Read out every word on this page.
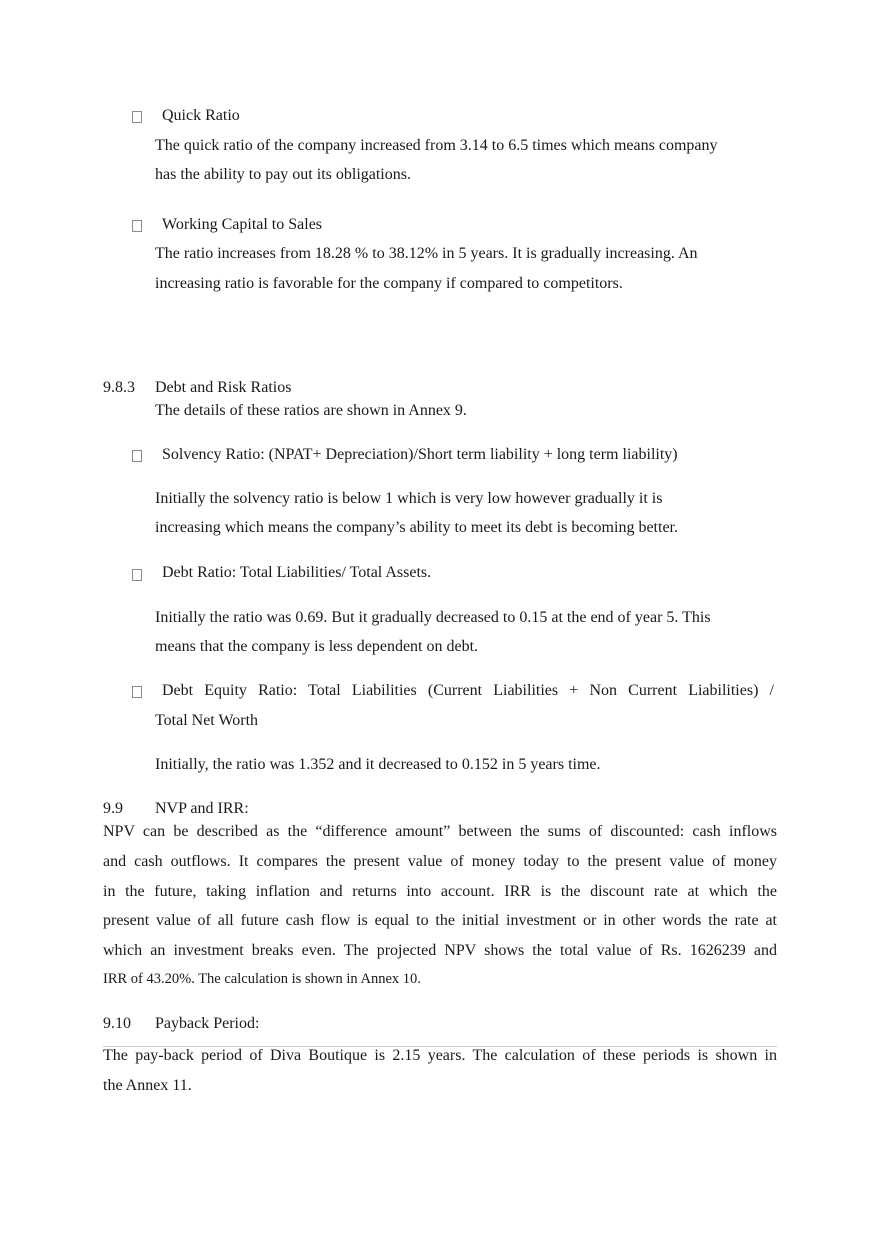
Quick Ratio
The quick ratio of the company increased from 3.14 to 6.5 times which means company
has the ability to pay out its obligations.
Working Capital to Sales
The ratio increases from 18.28 % to 38.12% in 5 years. It is gradually increasing. An
increasing ratio is favorable for the company if compared to competitors.
9.8.3 Debt and Risk Ratios
The details of these ratios are shown in Annex 9.
Solvency Ratio: (NPAT+ Depreciation)/Short term liability + long term liability)
Initially the solvency ratio is below 1 which is very low however gradually it is
increasing which means the company’s ability to meet its debt is becoming better.
Debt Ratio: Total Liabilities/ Total Assets.
Initially the ratio was 0.69. But it gradually decreased to 0.15 at the end of year 5. This
means that the company is less dependent on debt.
Debt Equity Ratio: Total Liabilities (Current Liabilities + Non Current Liabilities) /
Total Net Worth
Initially, the ratio was 1.352 and it decreased to 0.152 in 5 years time.
9.9 NVP and IRR:
NPV can be described as the “difference amount” between the sums of discounted: cash inflows
and cash outflows. It compares the present value of money today to the present value of money
in the future, taking inflation and returns into account. IRR is the discount rate at which the
present value of all future cash flow is equal to the initial investment or in other words the rate at
which an investment breaks even. The projected NPV shows the total value of Rs. 1626239 and
IRR of 43.20%. The calculation is shown in Annex 10.
9.10 Payback Period:
The pay-back period of Diva Boutique is 2.15 years. The calculation of these periods is shown in
the Annex 11.
